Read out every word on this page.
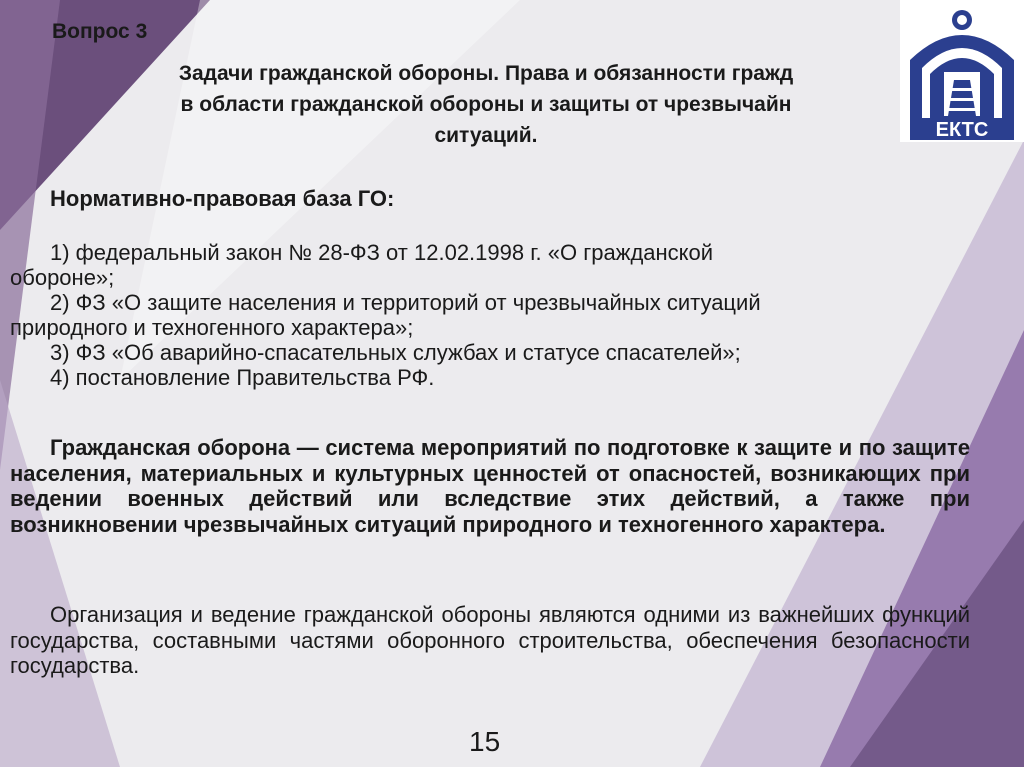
Вопрос 3
Задачи гражданской обороны. Права и обязанности гражд
в области гражданской обороны и защиты от чрезвычайн
ситуаций.
Нормативно-правовая база ГО:
1) федеральный закон № 28-ФЗ от 12.02.1998 г. «О гражданской
обороне»;
2) ФЗ «О защите населения и территорий от чрезвычайных ситуаций
природного и техногенного характера»;
3) ФЗ «Об аварийно-спасательных службах и статусе спасателей»;
4) постановление Правительства РФ.
Гражданская оборона — система мероприятий по подготовке к защите и по защите населения, материальных и культурных ценностей от опасностей, возникающих при ведении военных действий или вследствие этих действий, а также при возникновении чрезвычайных ситуаций природного и техногенного характера.
Организация и ведение гражданской обороны являются одними из важнейших функций государства, составными частями оборонного строительства, обеспечения безопасности государства.
15
ЕКТС
